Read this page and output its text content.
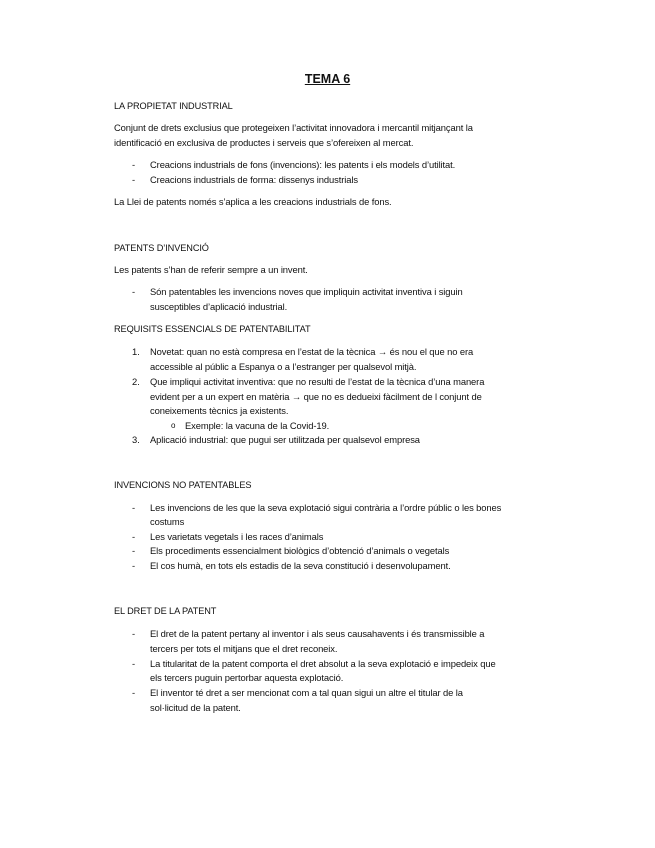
TEMA 6
LA PROPIETAT INDUSTRIAL
Conjunt de drets exclusius que protegeixen l’activitat innovadora i mercantil mitjançant la
identificació en exclusiva de productes i serveis que s’ofereixen al mercat.
- Creacions industrials de fons (invencions): les patents i els models d’utilitat.
- Creacions industrials de forma: dissenys industrials
La Llei de patents només s’aplica a les creacions industrials de fons.
PATENTS D’INVENCIÓ
Les patents s’han de referir sempre a un invent.
- Són patentables les invencions noves que impliquin activitat inventiva i siguin
susceptibles d’aplicació industrial.
REQUISITS ESSENCIALS DE PATENTABILITAT
1. Novetat: quan no està compresa en l’estat de la tècnica → és nou el que no era
accessible al públic a Espanya o a l’estranger per qualsevol mitjà.
2. Que impliqui activitat inventiva: que no resulti de l’estat de la tècnica d’una manera
evident per a un expert en matèria → que no es dedueixi fàcilment de l conjunt de
coneixements tècnics ja existents.
o Exemple: la vacuna de la Covid-19.
3. Aplicació industrial: que pugui ser utilitzada per qualsevol empresa
INVENCIONS NO PATENTABLES
- Les invencions de les que la seva explotació sigui contrària a l’ordre públic o les bones
costums
- Les varietats vegetals i les races d’animals
- Els procediments essencialment biològics d’obtenció d’animals o vegetals
- El cos humà, en tots els estadis de la seva constitució i desenvolupament.
EL DRET DE LA PATENT
- El dret de la patent pertany al inventor i als seus causahavents i és transmissible a
tercers per tots el mitjans que el dret reconeix.
- La titularitat de la patent comporta el dret absolut a la seva explotació e impedeix que
els tercers puguin pertorbar aquesta explotació.
- El inventor té dret a ser mencionat com a tal quan sigui un altre el titular de la
sol·licitud de la patent.
